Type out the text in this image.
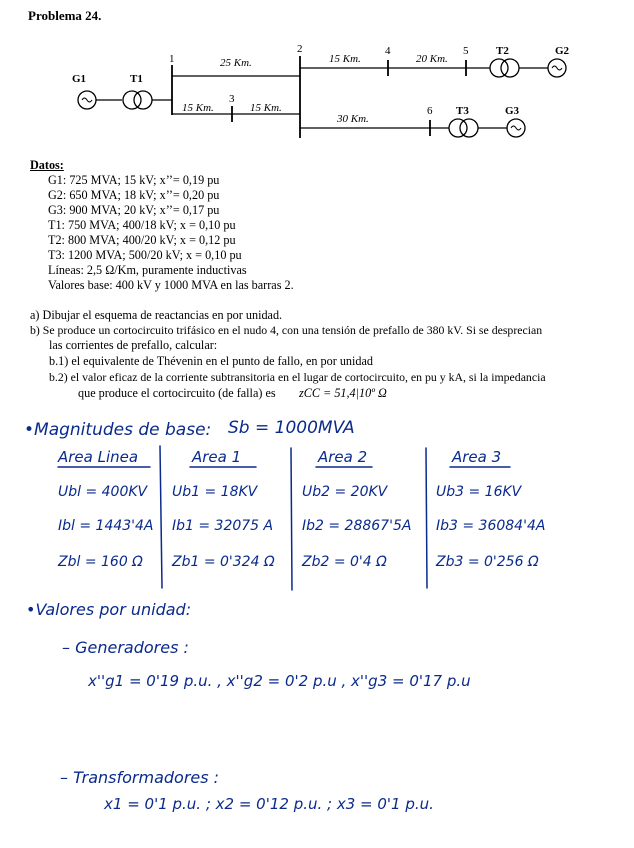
Problema 24.
1
2
3
4	5
6
G1	T1
T2	G2
T3	G3
25 Km.	15 Km.	20 Km.
15 Km.	15 Km.
30 Km.
Datos:
G1: 725 MVA; 15 kV; x’’= 0,19 pu
G2: 650 MVA; 18 kV; x’’= 0,20 pu
G3: 900 MVA; 20 kV; x’’= 0,17 pu
T1: 750 MVA; 400/18 kV; x = 0,10 pu
T2: 800 MVA; 400/20 kV; x = 0,12 pu
T3: 1200 MVA; 500/20 kV; x = 0,10 pu
Líneas: 2,5 Ω/Km, puramente inductivas
Valores base: 400 kV y 1000 MVA en las barras 2.
a) Dibujar el esquema de reactancias en por unidad.
b) Se produce un cortocircuito trifásico en el nudo 4, con una tensión de prefallo de 380 kV. Si se desprecian
las corrientes de prefallo, calcular:
b.1) el equivalente de Thévenin en el punto de fallo, en por unidad
b.2) el valor eficaz de la corriente subtransitoria en el lugar de cortocircuito, en pu y kA, si la impedancia
que produce el cortocircuito (de falla) es zCC = 51,4|10º Ω
•Magnitudes de base: Sb = 1000MVA
Area Linea	Area 1	Area 2	Area 3
Ubl = 400KV Ub1 = 18KV	Ub2 = 20KV	Ub3 = 16KV
Ibl = 1443'4A Ib1 = 32075 A Ib2 = 28867'5A Ib3 = 36084'4A
Zbl = 160 Ω Zb1 = 0'324 Ω Zb2 = 0'4 Ω	Zb3 = 0'256 Ω
•Valores por unidad:
– Generadores :
x''g1 = 0'19 p.u. , x''g2 = 0'2 p.u , x''g3 = 0'17 p.u
– Transformadores :
x1 = 0'1 p.u. ; x2 = 0'12 p.u. ; x3 = 0'1 p.u.
